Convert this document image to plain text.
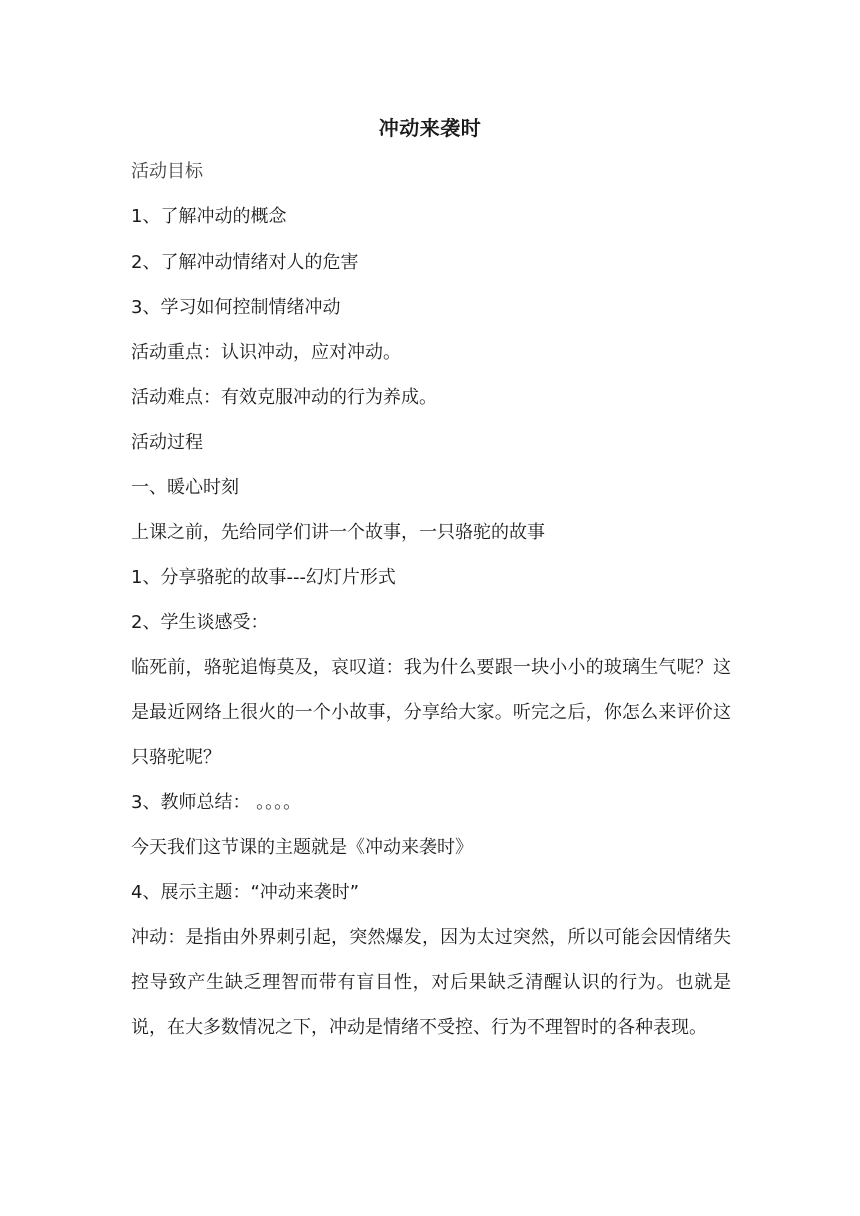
冲动来袭时
活动目标
1、了解冲动的概念
2、了解冲动情绪对人的危害
3、学习如何控制情绪冲动
活动重点：认识冲动，应对冲动。
活动难点：有效克服冲动的行为养成。
活动过程
一、暖心时刻
上课之前，先给同学们讲一个故事，一只骆驼的故事
1、分享骆驼的故事---幻灯片形式
2、学生谈感受：
临死前，骆驼追悔莫及，哀叹道：我为什么要跟一块小小的玻璃生气呢？这是最近网络上很火的一个小故事，分享给大家。听完之后，你怎么来评价这只骆驼呢？
3、教师总结： 。。。。
今天我们这节课的主题就是《冲动来袭时》
4、展示主题：“冲动来袭时”
冲动：是指由外界刺引起，突然爆发，因为太过突然，所以可能会因情绪失控导致产生缺乏理智而带有盲目性，对后果缺乏清醒认识的行为。也就是说，在大多数情况之下，冲动是情绪不受控、行为不理智时的各种表现。
